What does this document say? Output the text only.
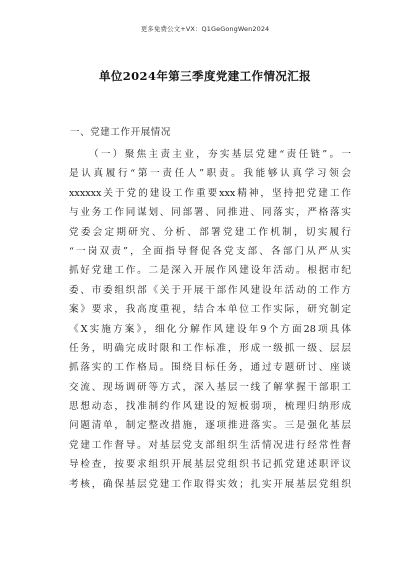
更多免费公文+VX：Q1GeGongWen2024
单位2024年第三季度党建工作情况汇报
一、党建工作开展情况
（一）聚焦主责主业，夯实基层党建“责任链”。一
是认真履行“第一责任人”职责。我能够认真学习领会
xxxxxx关于党的建设工作重要xxx精神，坚持把党建工作
与业务工作同谋划、同部署、同推进、同落实，严格落实
党委会定期研究、分析、部署党建工作机制，切实履行
“一岗双责”，全面指导督促各党支部、各部门从严从实
抓好党建工作。二是深入开展作风建设年活动。根据市纪
委、市委组织部《关于开展干部作风建设年活动的工作方
案》要求，我高度重视，结合本单位工作实际，研究制定
《X实施方案》，细化分解作风建设年9个方面28项具体
任务，明确完成时限和工作标准，形成一级抓一级、层层
抓落实的工作格局。围绕目标任务，通过专题研讨、座谈
交流、现场调研等方式，深入基层一线了解掌握干部职工
思想动态，找准制约作风建设的短板弱项，梳理归纳形成
问题清单，制定整改措施，逐项推进落实。三是强化基层
党建工作督导。对基层党支部组织生活情况进行经常性督
导检查，按要求组织开展基层党组织书记抓党建述职评议
考核，确保基层党建工作取得实效；扎实开展基层党组织
